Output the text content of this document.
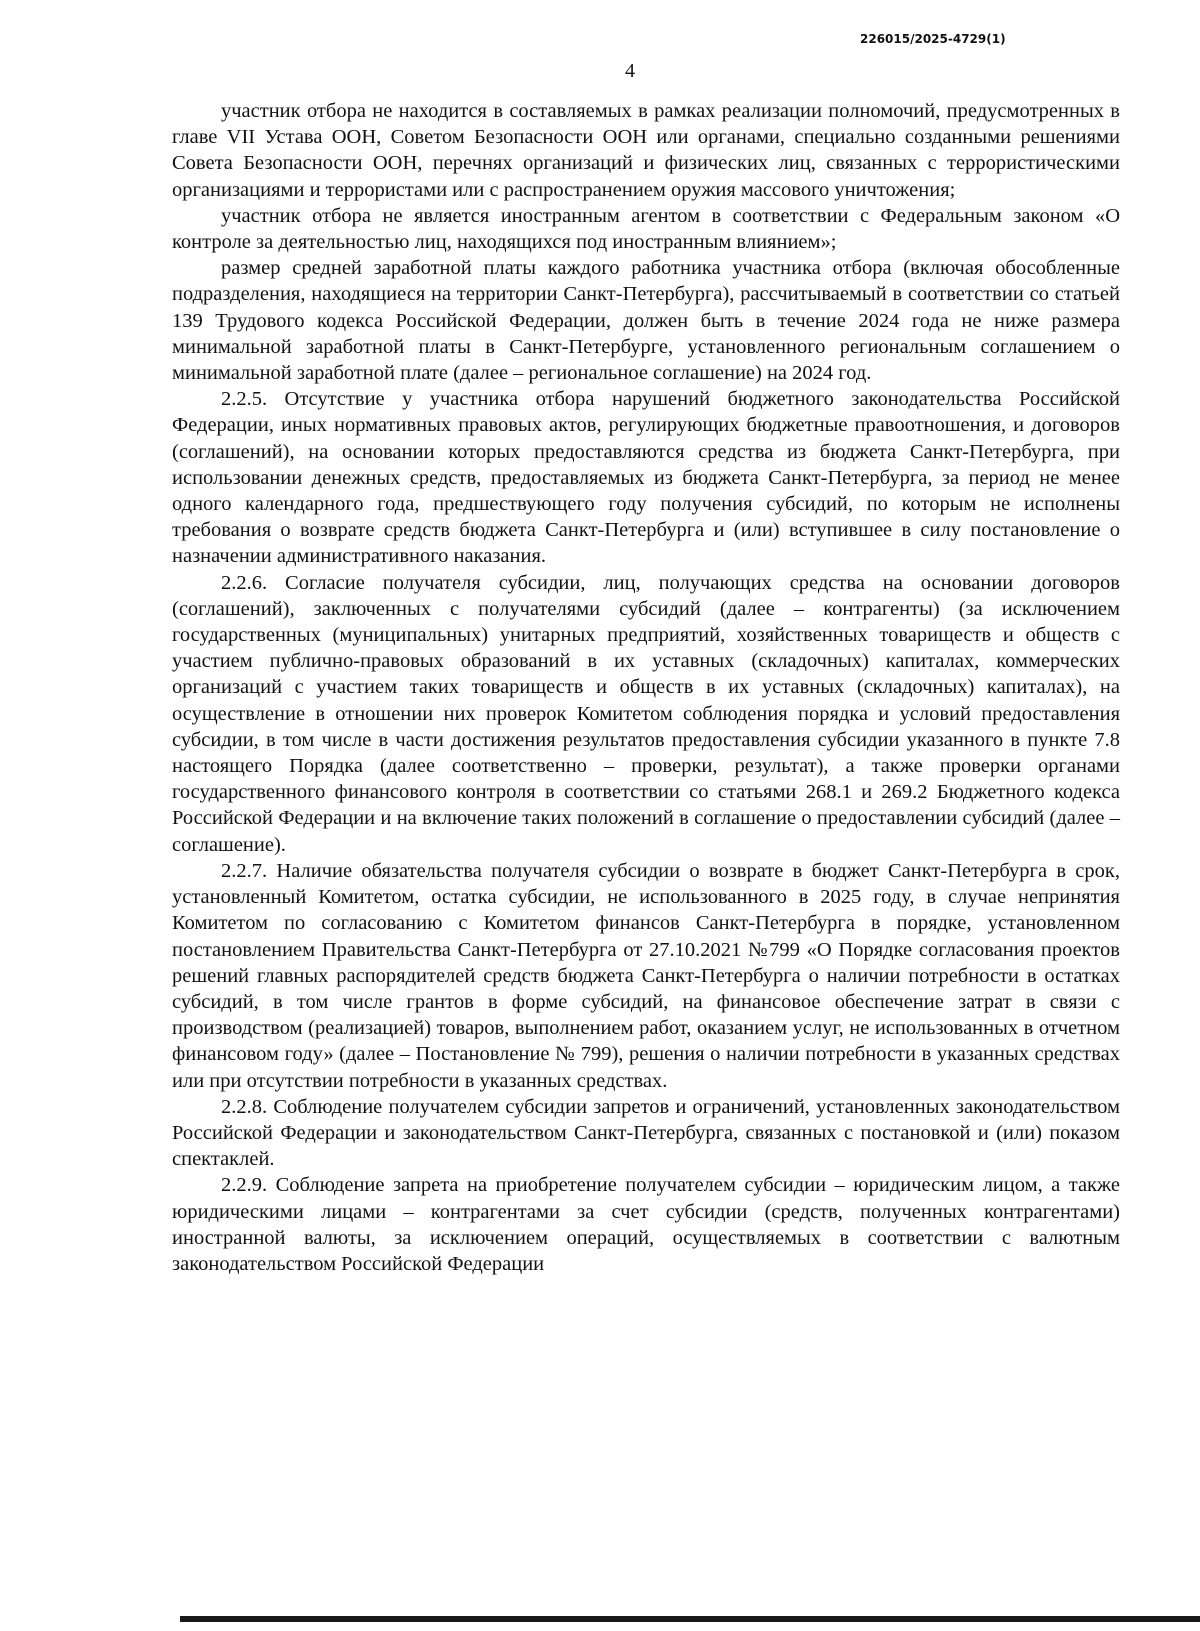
226015/2025-4729(1)
4

участник отбора не находится в составляемых в рамках реализации полномочий, предусмотренных в главе VII Устава ООН, Советом Безопасности ООН или органами, специально созданными решениями Совета Безопасности ООН, перечнях организаций и физических лиц, связанных с террористическими организациями и террористами или с распространением оружия массового уничтожения;

участник отбора не является иностранным агентом в соответствии с Федеральным законом «О контроле за деятельностью лиц, находящихся под иностранным влиянием»;

размер средней заработной платы каждого работника участника отбора (включая обособленные подразделения, находящиеся на территории Санкт-Петербурга), рассчитываемый в соответствии со статьей 139 Трудового кодекса Российской Федерации, должен быть в течение 2024 года не ниже размера минимальной заработной платы в Санкт-Петербурге, установленного региональным соглашением о минимальной заработной плате (далее – региональное соглашение) на 2024 год.

2.2.5. Отсутствие у участника отбора нарушений бюджетного законодательства Российской Федерации, иных нормативных правовых актов, регулирующих бюджетные правоотношения, и договоров (соглашений), на основании которых предоставляются средства из бюджета Санкт-Петербурга, при использовании денежных средств, предоставляемых из бюджета Санкт-Петербурга, за период не менее одного календарного года, предшествующего году получения субсидий, по которым не исполнены требования о возврате средств бюджета Санкт-Петербурга и (или) вступившее в силу постановление о назначении административного наказания.

2.2.6. Согласие получателя субсидии, лиц, получающих средства на основании договоров (соглашений), заключенных с получателями субсидий (далее – контрагенты) (за исключением государственных (муниципальных) унитарных предприятий, хозяйственных товариществ и обществ с участием публично-правовых образований в их уставных (складочных) капиталах, коммерческих организаций с участием таких товариществ и обществ в их уставных (складочных) капиталах), на осуществление в отношении них проверок Комитетом соблюдения порядка и условий предоставления субсидии, в том числе в части достижения результатов предоставления субсидии указанного в пункте 7.8 настоящего Порядка (далее соответственно – проверки, результат), а также проверки органами государственного финансового контроля в соответствии со статьями 268.1 и 269.2 Бюджетного кодекса Российской Федерации и на включение таких положений в соглашение о предоставлении субсидий (далее – соглашение).

2.2.7. Наличие обязательства получателя субсидии о возврате в бюджет Санкт-Петербурга в срок, установленный Комитетом, остатка субсидии, не использованного в 2025 году, в случае непринятия Комитетом по согласованию с Комитетом финансов Санкт-Петербурга в порядке, установленном постановлением Правительства Санкт-Петербурга от 27.10.2021 №799 «О Порядке согласования проектов решений главных распорядителей средств бюджета Санкт-Петербурга о наличии потребности в остатках субсидий, в том числе грантов в форме субсидий, на финансовое обеспечение затрат в связи с производством (реализацией) товаров, выполнением работ, оказанием услуг, не использованных в отчетном финансовом году» (далее – Постановление № 799), решения о наличии потребности в указанных средствах или при отсутствии потребности в указанных средствах.

2.2.8. Соблюдение получателем субсидии запретов и ограничений, установленных законодательством Российской Федерации и законодательством Санкт-Петербурга, связанных с постановкой и (или) показом спектаклей.

2.2.9. Соблюдение запрета на приобретение получателем субсидии – юридическим лицом, а также юридическими лицами – контрагентами за счет субсидии (средств, полученных контрагентами) иностранной валюты, за исключением операций, осуществляемых в соответствии с валютным законодательством Российской Федерации
